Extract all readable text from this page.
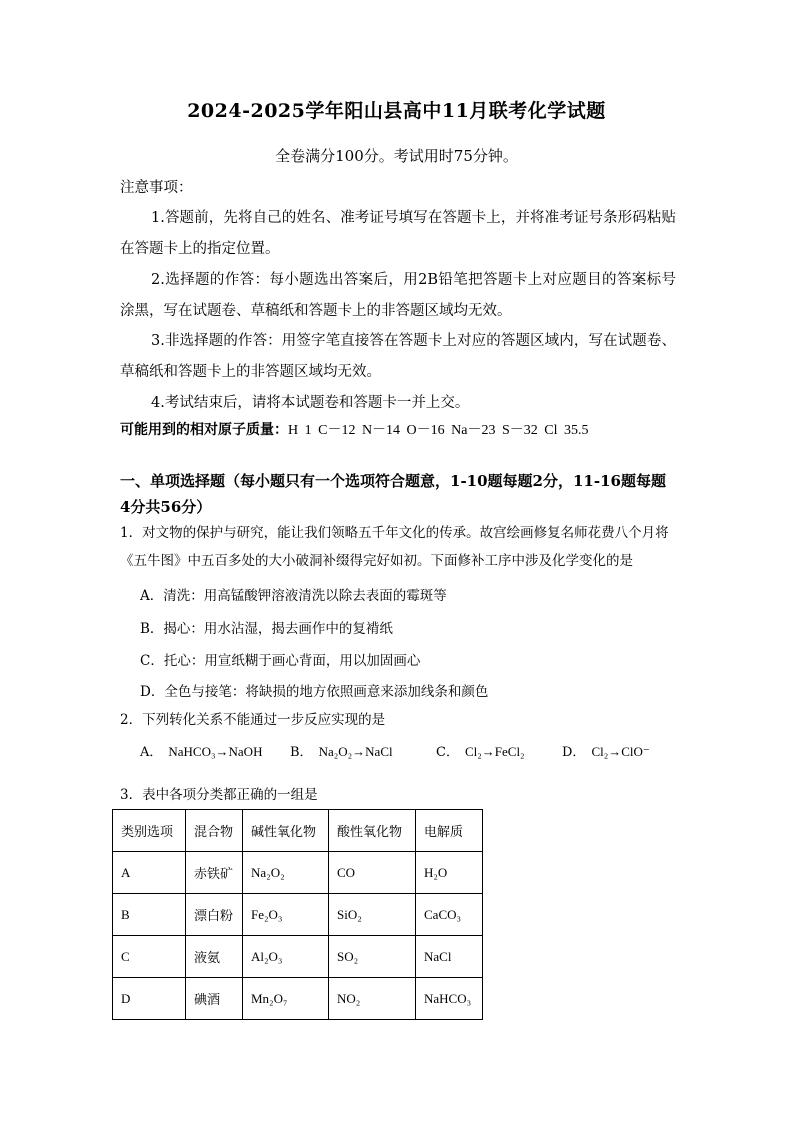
2024-2025学年阳山县高中11月联考化学试题
全卷满分100分。考试用时75分钟。
注意事项：
1.答题前，先将自己的姓名、准考证号填写在答题卡上，并将准考证号条形码粘贴在答题卡上的指定位置。
2.选择题的作答：每小题选出答案后，用2B铅笔把答题卡上对应题目的答案标号涂黑，写在试题卷、草稿纸和答题卡上的非答题区域均无效。
3.非选择题的作答：用签字笔直接答在答题卡上对应的答题区域内，写在试题卷、草稿纸和答题卡上的非答题区域均无效。
4.考试结束后，请将本试题卷和答题卡一并上交。
可能用到的相对原子质量：H 1 C－12 N－14 O－16 Na－23 S－32 Cl 35.5
一、单项选择题（每小题只有一个选项符合题意，1-10题每题2分，11-16题每题4分共56分）
1．对文物的保护与研究，能让我们领略五千年文化的传承。故宫绘画修复名师花费八个月将《五牛图》中五百多处的大小破洞补缀得完好如初。下面修补工序中涉及化学变化的是
A．清洗：用高锰酸钾溶液清洗以除去表面的霉斑等
B．揭心：用水沾湿，揭去画作中的复褙纸
C．托心：用宣纸糊于画心背面，用以加固画心
D．全色与接笔：将缺损的地方依照画意来添加线条和颜色
2．下列转化关系不能通过一步反应实现的是
A． NaHCO₃→NaOH B． Na₂O₂→NaCl	C． Cl₂→FeCl₂	D． Cl₂→ClO⁻
3．表中各项分类都正确的一组是
类别选项	混合物	碱性氧化物	酸性氧化物	电解质
A	赤铁矿	Na₂O₂	CO	H₂O
B	漂白粉	Fe₂O₃	SiO₂	CaCO₃
C	液氨	Al₂O₃	SO₂	NaCl
D	碘酒	Mn₂O₇	NO₂	NaHCO₃
